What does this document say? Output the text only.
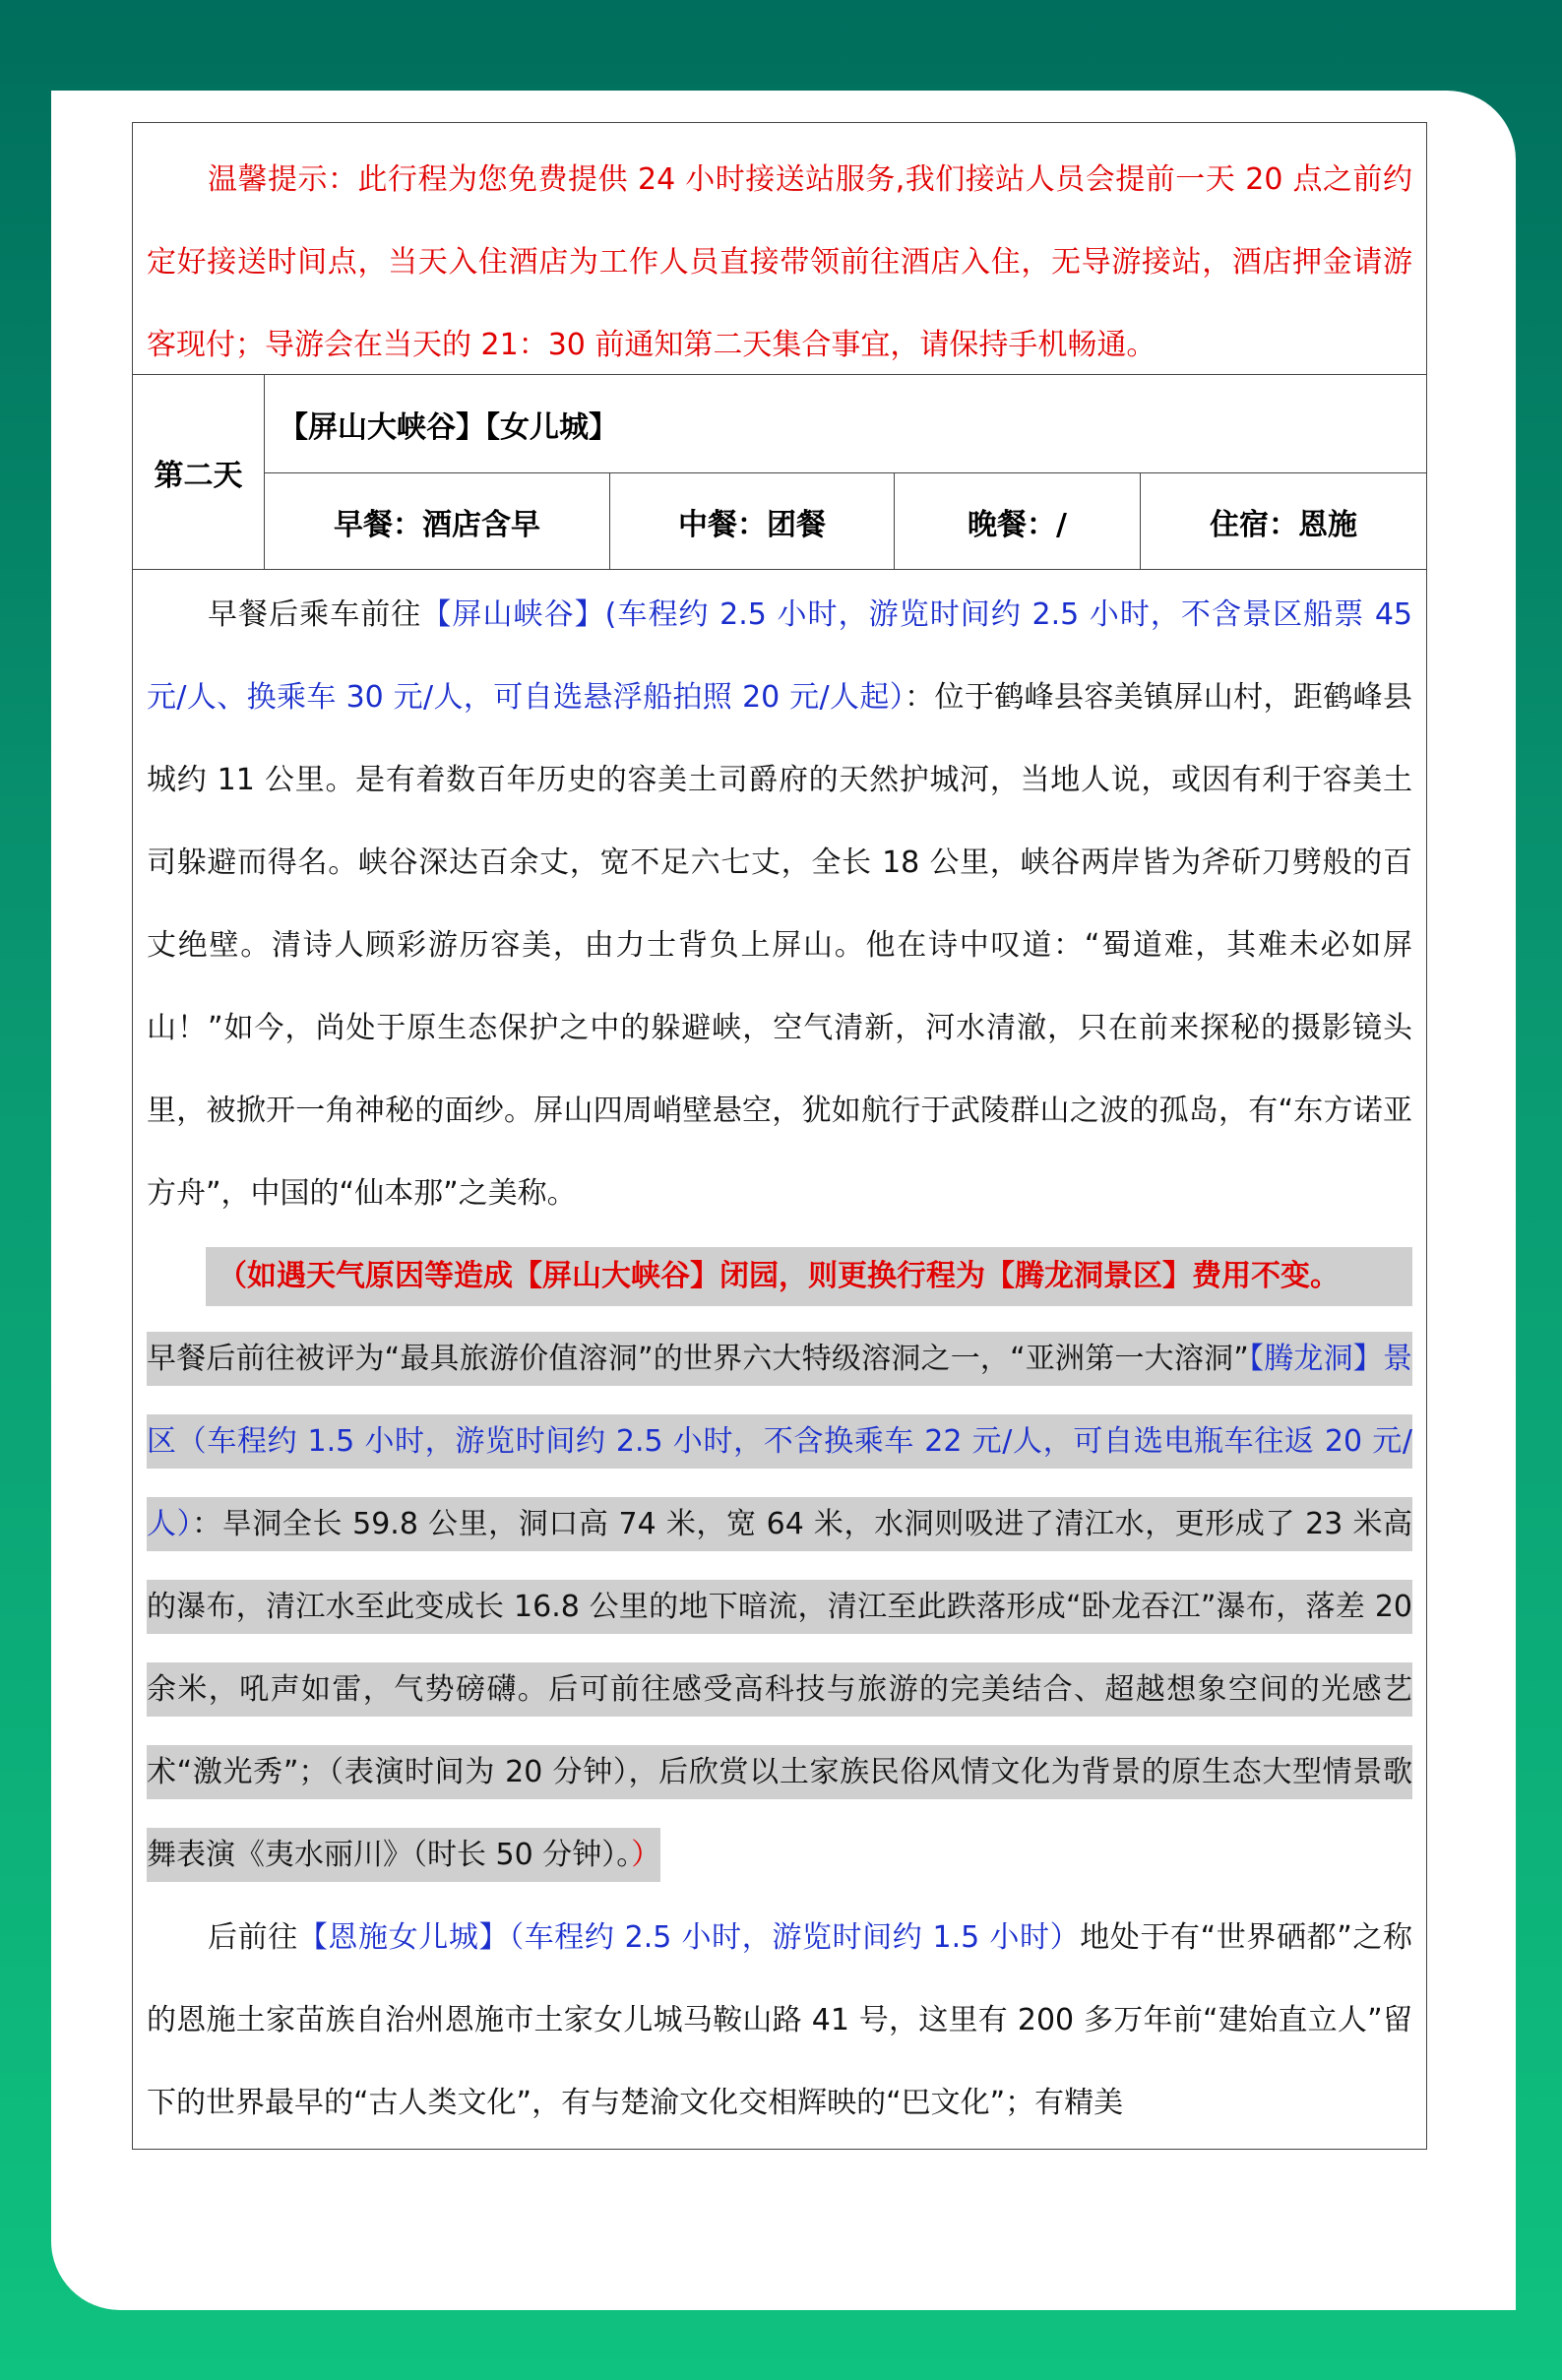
温馨提示：此行程为您免费提供 24 小时接送站服务,我们接站人员会提前一天 20 点之前约定好接送时间点，当天入住酒店为工作人员直接带领前往酒店入住，无导游接站，酒店押金请游客现付；导游会在当天的 21：30 前通知第二天集合事宜，请保持手机畅通。
第二天
【屏山大峡谷】【女儿城】
早餐：酒店含早	中餐：团餐	晚餐：/	住宿：恩施

早餐后乘车前往【屏山峡谷】(车程约 2.5 小时，游览时间约 2.5 小时，不含景区船票 45 元/人、换乘车 30 元/人，可自选悬浮船拍照 20 元/人起）：位于鹤峰县容美镇屏山村，距鹤峰县城约 11 公里。是有着数百年历史的容美土司爵府的天然护城河，当地人说，或因有利于容美土司躲避而得名。峡谷深达百余丈，宽不足六七丈，全长 18 公里，峡谷两岸皆为斧斫刀劈般的百丈绝壁。清诗人顾彩游历容美，由力士背负上屏山。他在诗中叹道：“蜀道难，其难未必如屏山！”如今，尚处于原生态保护之中的躲避峡，空气清新，河水清澈，只在前来探秘的摄影镜头里，被掀开一角神秘的面纱。屏山四周峭壁悬空，犹如航行于武陵群山之波的孤岛，有“东方诺亚方舟”，中国的“仙本那”之美称。

（如遇天气原因等造成【屏山大峡谷】闭园，则更换行程为【腾龙洞景区】费用不变。
早餐后前往被评为“最具旅游价值溶洞”的世界六大特级溶洞之一，“亚洲第一大溶洞”【腾龙洞】景区（车程约 1.5 小时，游览时间约 2.5 小时，不含换乘车 22 元/人，可自选电瓶车往返 20 元/人）：旱洞全长 59.8 公里，洞口高 74 米，宽 64 米，水洞则吸进了清江水，更形成了 23 米高的瀑布，清江水至此变成长 16.8 公里的地下暗流，清江至此跌落形成“卧龙吞江”瀑布，落差 20 余米，吼声如雷，气势磅礴。后可前往感受高科技与旅游的完美结合、超越想象空间的光感艺术“激光秀”；（表演时间为 20 分钟），后欣赏以土家族民俗风情文化为背景的原生态大型情景歌舞表演《夷水丽川》（时长 50 分钟）。）

后前往【恩施女儿城】（车程约 2.5 小时，游览时间约 1.5 小时）地处于有“世界硒都”之称的恩施土家苗族自治州恩施市土家女儿城马鞍山路 41 号，这里有 200 多万年前“建始直立人”留下的世界最早的“古人类文化”，有与楚渝文化交相辉映的“巴文化”；有精美
